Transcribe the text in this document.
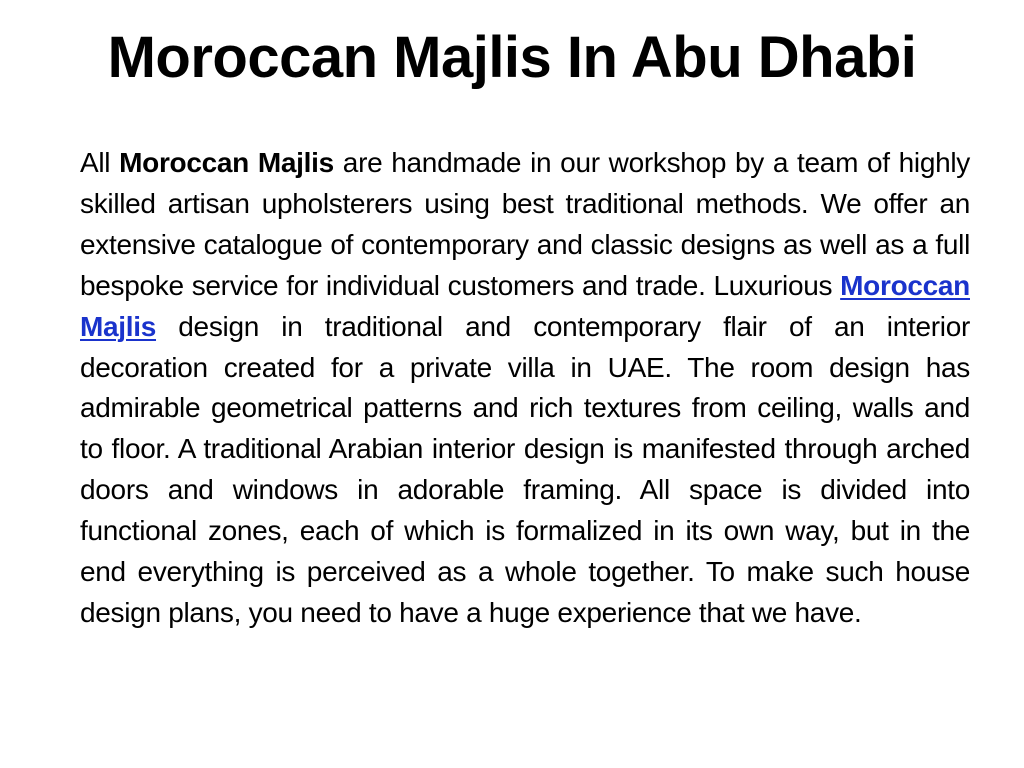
Moroccan Majlis In Abu Dhabi

All Moroccan Majlis are handmade in our workshop by a team of highly skilled artisan upholsterers using best traditional methods. We offer an extensive catalogue of contemporary and classic designs as well as a full bespoke service for individual customers and trade. Luxurious Moroccan Majlis design in traditional and contemporary flair of an interior decoration created for a private villa in UAE. The room design has admirable geometrical patterns and rich textures from ceiling, walls and to floor. A traditional Arabian interior design is manifested through arched doors and windows in adorable framing. All space is divided into functional zones, each of which is formalized in its own way, but in the end everything is perceived as a whole together. To make such house design plans, you need to have a huge experience that we have.
